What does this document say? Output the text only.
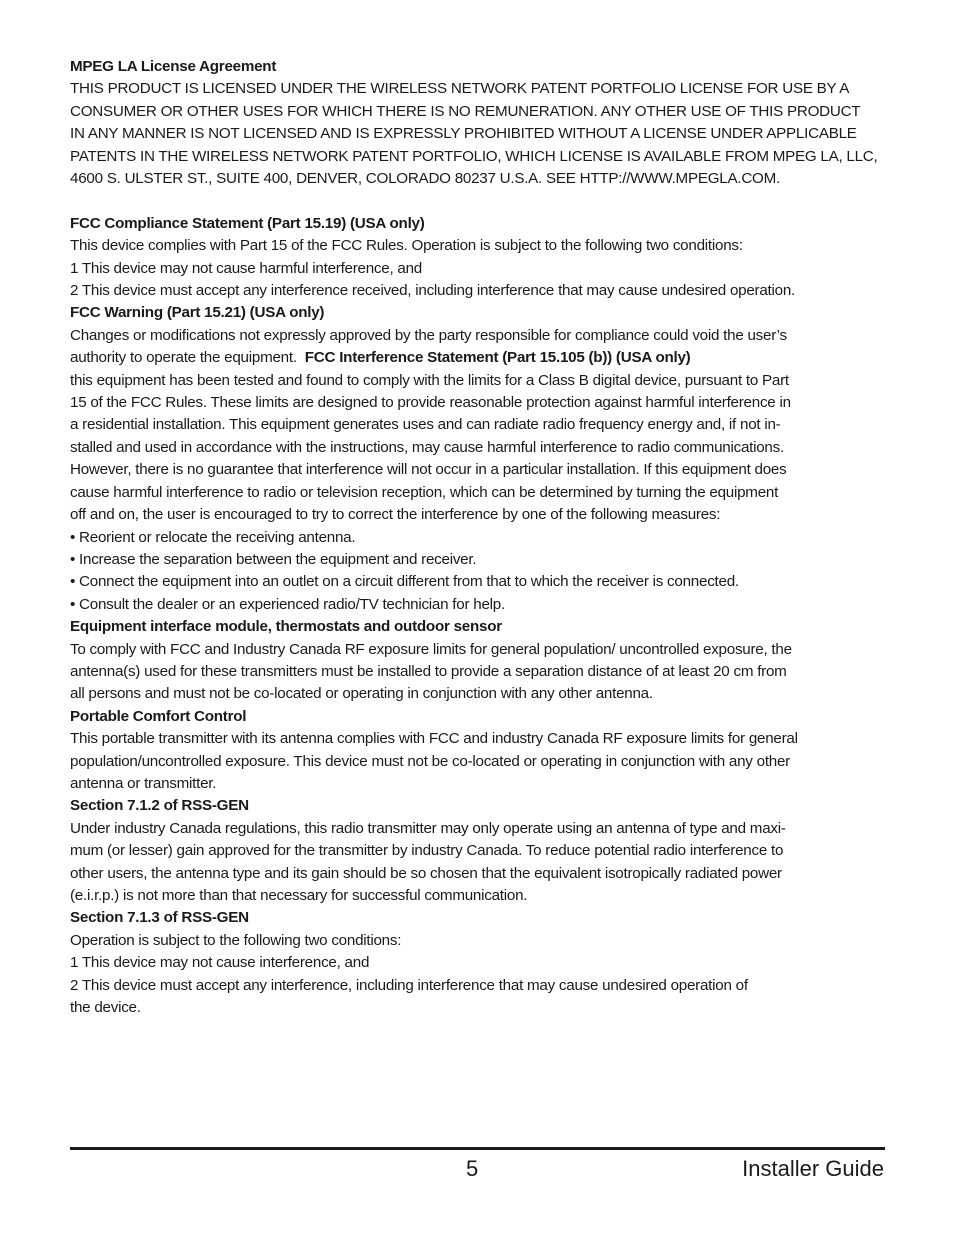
MPEG LA License Agreement
THIS PRODUCT IS LICENSED UNDER THE WIRELESS NETWORK PATENT PORTFOLIO LICENSE FOR USE BY A
CONSUMER OR OTHER USES FOR WHICH THERE IS NO REMUNERATION. ANY OTHER USE OF THIS PRODUCT
IN ANY MANNER IS NOT LICENSED AND IS EXPRESSLY PROHIBITED WITHOUT A LICENSE UNDER APPLICABLE
PATENTS IN THE WIRELESS NETWORK PATENT PORTFOLIO, WHICH LICENSE IS AVAILABLE FROM MPEG LA, LLC,
4600 S. ULSTER ST., SUITE 400, DENVER, COLORADO 80237 U.S.A. SEE HTTP://WWW.MPEGLA.COM.
FCC Compliance Statement (Part 15.19) (USA only)
This device complies with Part 15 of the FCC Rules. Operation is subject to the following two conditions:
1 This device may not cause harmful interference, and
2 This device must accept any interference received, including interference that may cause undesired operation.
FCC Warning (Part 15.21) (USA only)
Changes or modifications not expressly approved by the party responsible for compliance could void the user’s
authority to operate the equipment. FCC Interference Statement (Part 15.105 (b)) (USA only)
this equipment has been tested and found to comply with the limits for a Class B digital device, pursuant to Part
15 of the FCC Rules. These limits are designed to provide reasonable protection against harmful interference in
a residential installation. This equipment generates uses and can radiate radio frequency energy and, if not in-
stalled and used in accordance with the instructions, may cause harmful interference to radio communications.
However, there is no guarantee that interference will not occur in a particular installation. If this equipment does
cause harmful interference to radio or television reception, which can be determined by turning the equipment
off and on, the user is encouraged to try to correct the interference by one of the following measures:
• Reorient or relocate the receiving antenna.
• Increase the separation between the equipment and receiver.
• Connect the equipment into an outlet on a circuit different from that to which the receiver is connected.
• Consult the dealer or an experienced radio/TV technician for help.
Equipment interface module, thermostats and outdoor sensor
To comply with FCC and Industry Canada RF exposure limits for general population/ uncontrolled exposure, the
antenna(s) used for these transmitters must be installed to provide a separation distance of at least 20 cm from
all persons and must not be co-located or operating in conjunction with any other antenna.
Portable Comfort Control
This portable transmitter with its antenna complies with FCC and industry Canada RF exposure limits for general
population/uncontrolled exposure. This device must not be co-located or operating in conjunction with any other
antenna or transmitter.
Section 7.1.2 of RSS-GEN
Under industry Canada regulations, this radio transmitter may only operate using an antenna of type and maxi-
mum (or lesser) gain approved for the transmitter by industry Canada. To reduce potential radio interference to
other users, the antenna type and its gain should be so chosen that the equivalent isotropically radiated power
(e.i.r.p.) is not more than that necessary for successful communication.
Section 7.1.3 of RSS-GEN
Operation is subject to the following two conditions:
1 This device may not cause interference, and
2 This device must accept any interference, including interference that may cause undesired operation of
the device.
5	Installer Guide
